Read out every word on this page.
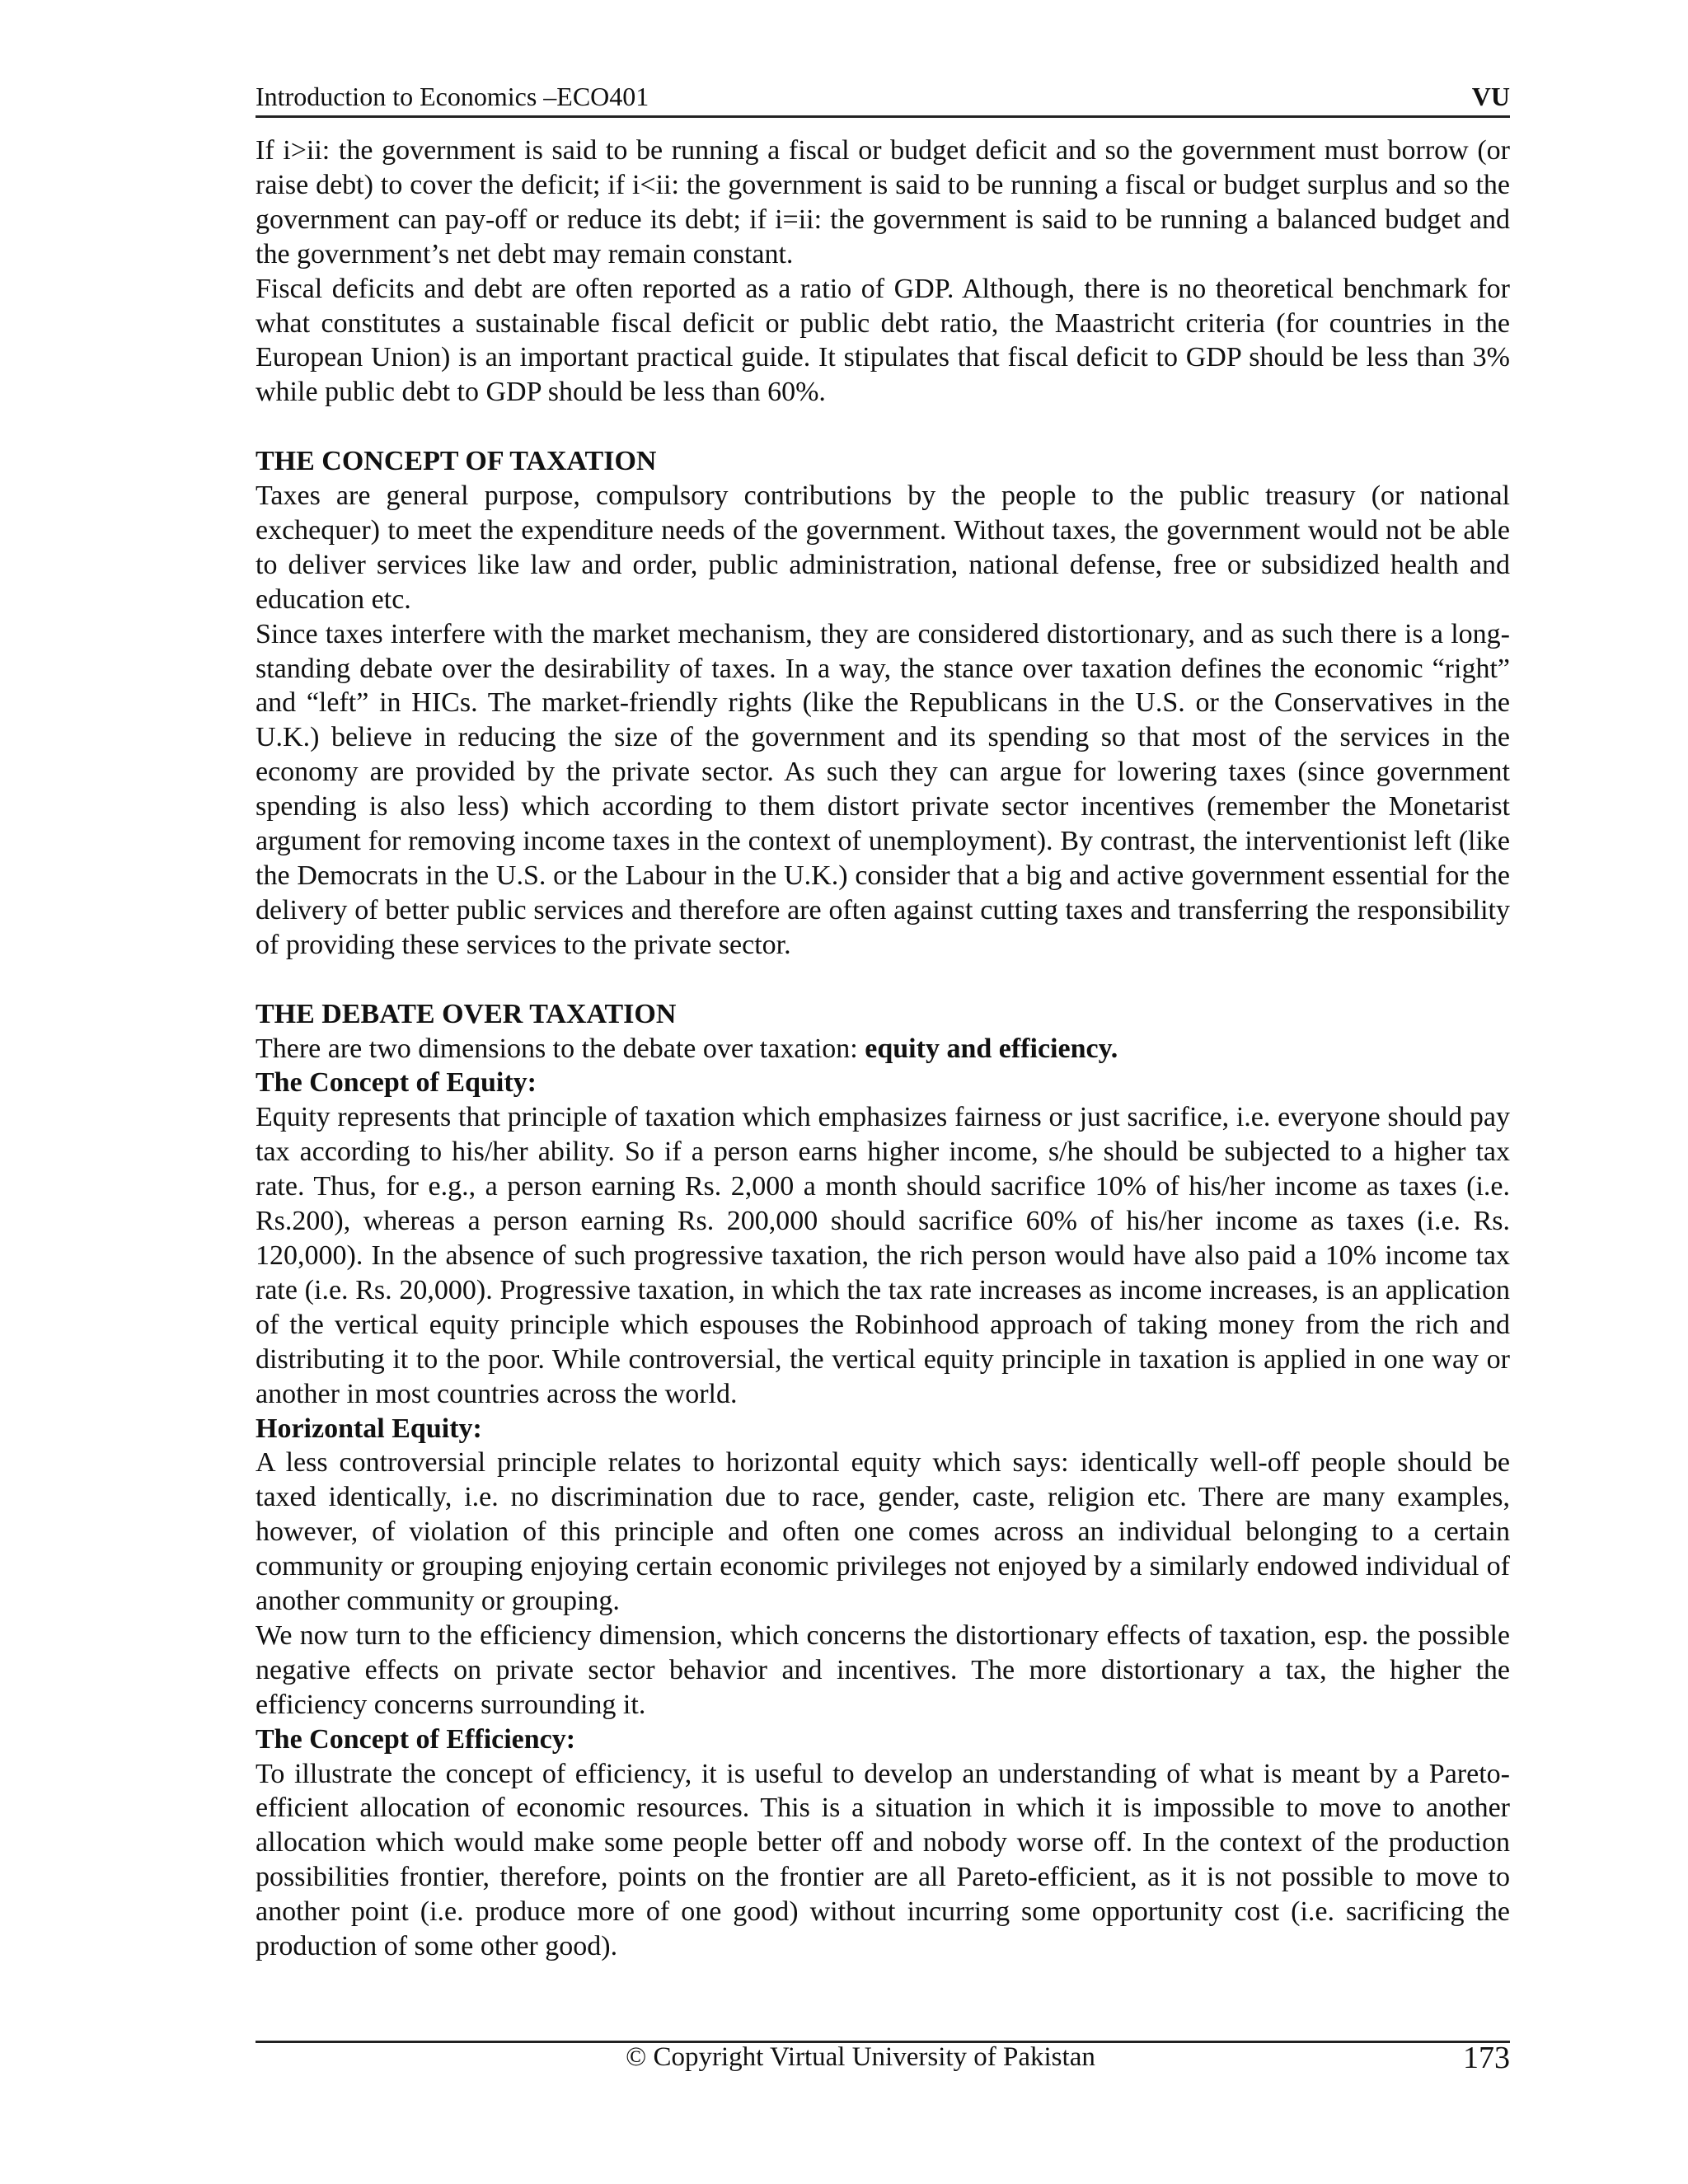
Introduction to Economics –ECO401	VU

If i>ii: the government is said to be running a fiscal or budget deficit and so the government must borrow (or raise debt) to cover the deficit; if i<ii: the government is said to be running a fiscal or budget surplus and so the government can pay-off or reduce its debt; if i=ii: the government is said to be running a balanced budget and the government’s net debt may remain constant.

Fiscal deficits and debt are often reported as a ratio of GDP. Although, there is no theoretical benchmark for what constitutes a sustainable fiscal deficit or public debt ratio, the Maastricht criteria (for countries in the European Union) is an important practical guide. It stipulates that fiscal deficit to GDP should be less than 3% while public debt to GDP should be less than 60%.

THE CONCEPT OF TAXATION

Taxes are general purpose, compulsory contributions by the people to the public treasury (or national exchequer) to meet the expenditure needs of the government. Without taxes, the government would not be able to deliver services like law and order, public administration, national defense, free or subsidized health and education etc.

Since taxes interfere with the market mechanism, they are considered distortionary, and as such there is a long-standing debate over the desirability of taxes. In a way, the stance over taxation defines the economic “right” and “left” in HICs. The market-friendly rights (like the Republicans in the U.S. or the Conservatives in the U.K.) believe in reducing the size of the government and its spending so that most of the services in the economy are provided by the private sector. As such they can argue for lowering taxes (since government spending is also less) which according to them distort private sector incentives (remember the Monetarist argument for removing income taxes in the context of unemployment). By contrast, the interventionist left (like the Democrats in the U.S. or the Labour in the U.K.) consider that a big and active government essential for the delivery of better public services and therefore are often against cutting taxes and transferring the responsibility of providing these services to the private sector.

THE DEBATE OVER TAXATION

There are two dimensions to the debate over taxation: equity and efficiency.

The Concept of Equity:

Equity represents that principle of taxation which emphasizes fairness or just sacrifice, i.e. everyone should pay tax according to his/her ability. So if a person earns higher income, s/he should be subjected to a higher tax rate. Thus, for e.g., a person earning Rs. 2,000 a month should sacrifice 10% of his/her income as taxes (i.e. Rs.200), whereas a person earning Rs. 200,000 should sacrifice 60% of his/her income as taxes (i.e. Rs. 120,000). In the absence of such progressive taxation, the rich person would have also paid a 10% income tax rate (i.e. Rs. 20,000). Progressive taxation, in which the tax rate increases as income increases, is an application of the vertical equity principle which espouses the Robinhood approach of taking money from the rich and distributing it to the poor. While controversial, the vertical equity principle in taxation is applied in one way or another in most countries across the world.

Horizontal Equity:

A less controversial principle relates to horizontal equity which says: identically well-off people should be taxed identically, i.e. no discrimination due to race, gender, caste, religion etc. There are many examples, however, of violation of this principle and often one comes across an individual belonging to a certain community or grouping enjoying certain economic privileges not enjoyed by a similarly endowed individual of another community or grouping.

We now turn to the efficiency dimension, which concerns the distortionary effects of taxation, esp. the possible negative effects on private sector behavior and incentives. The more distortionary a tax, the higher the efficiency concerns surrounding it.

The Concept of Efficiency:

To illustrate the concept of efficiency, it is useful to develop an understanding of what is meant by a Pareto-efficient allocation of economic resources. This is a situation in which it is impossible to move to another allocation which would make some people better off and nobody worse off. In the context of the production possibilities frontier, therefore, points on the frontier are all Pareto-efficient, as it is not possible to move to another point (i.e. produce more of one good) without incurring some opportunity cost (i.e. sacrificing the production of some other good).

© Copyright Virtual University of Pakistan	173
